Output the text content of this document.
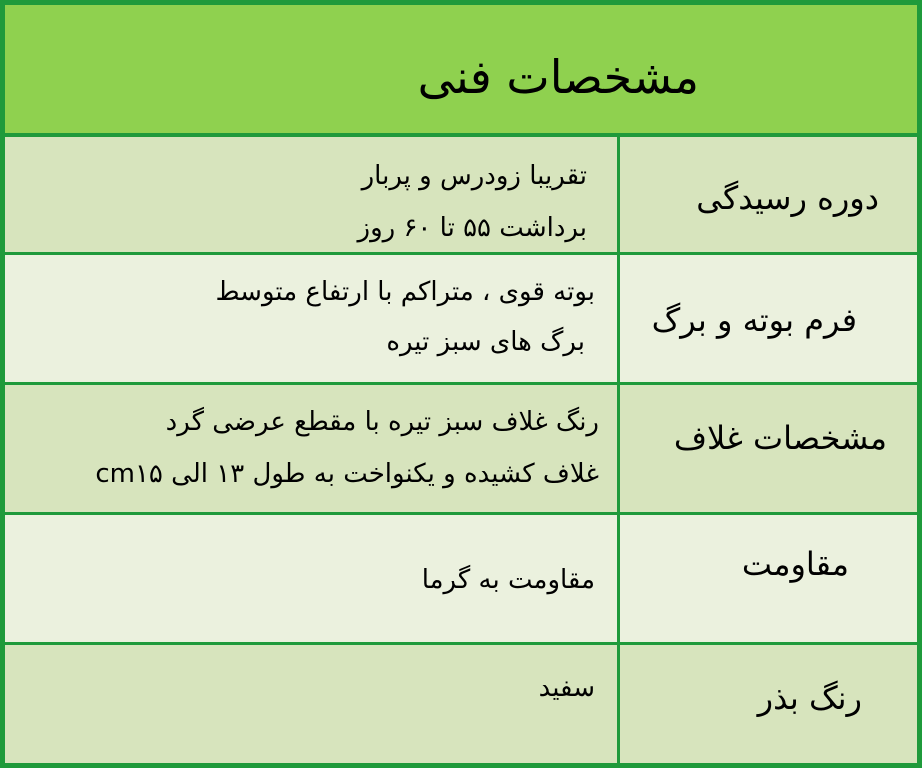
مشخصات فنی
دوره رسیدگی
تقریبا زودرس و پربار
برداشت ۵۵ تا ۶۰ روز
فرم بوته و برگ
بوته قوی ، متراکم با ارتفاع متوسط
برگ های سبز تیره
مشخصات غلاف
رنگ غلاف سبز تیره با مقطع عرضی گرد
غلاف کشیده و یکنواخت به طول ۱۳ الی cm۱۵
مقاومت
مقاومت به گرما
رنگ بذر
سفید
